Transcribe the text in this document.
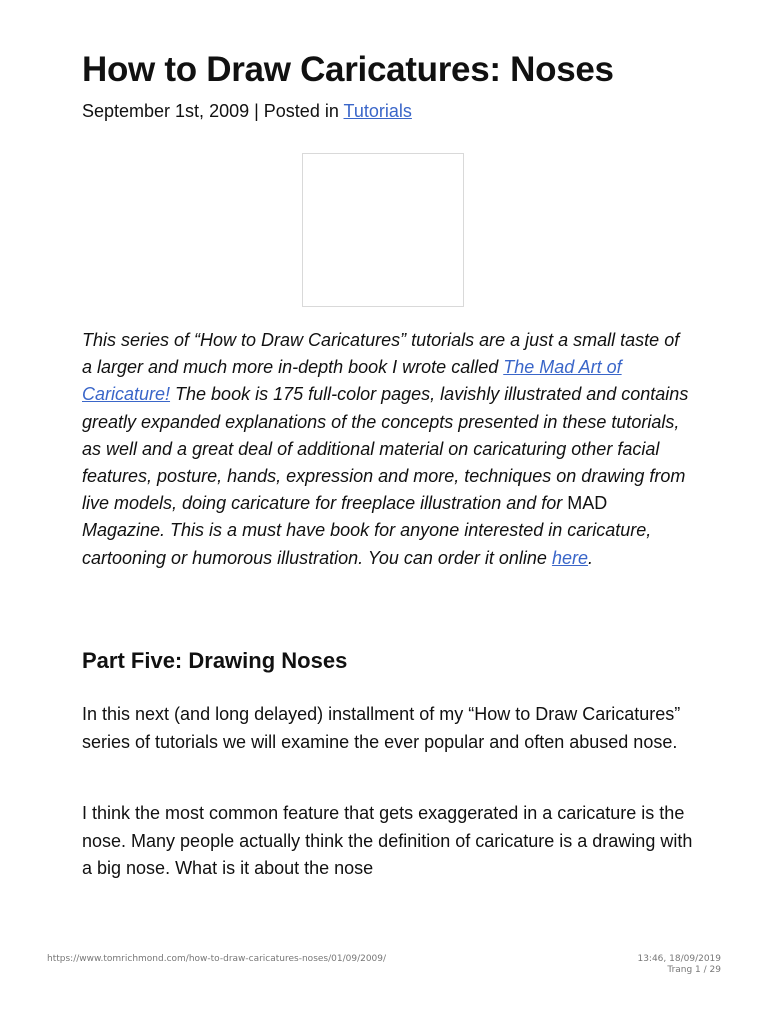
How to Draw Caricatures: Noses
September 1st, 2009 | Posted in Tutorials

This series of “How to Draw Caricatures” tutorials are a just a small taste of a larger and much more in-depth book I wrote called The Mad Art of Caricature! The book is 175 full-color pages, lavishly illustrated and contains greatly expanded explanations of the concepts presented in these tutorials, as well and a great deal of additional material on caricaturing other facial features, posture, hands, expression and more, techniques on drawing from live models, doing caricature for freeplace illustration and for MAD Magazine. This is a must have book for anyone interested in caricature, cartooning or humorous illustration. You can order it online here.

Part Five: Drawing Noses

In this next (and long delayed) installment of my “How to Draw Caricatures” series of tutorials we will examine the ever popular and often abused nose.

I think the most common feature that gets exaggerated in a caricature is the nose. Many people actually think the definition of caricature is a drawing with a big nose. What is it about the nose

https://www.tomrichmond.com/how-to-draw-caricatures-noses/01/09/2009/	13:46, 18/09/2019
Trang 1 / 29
